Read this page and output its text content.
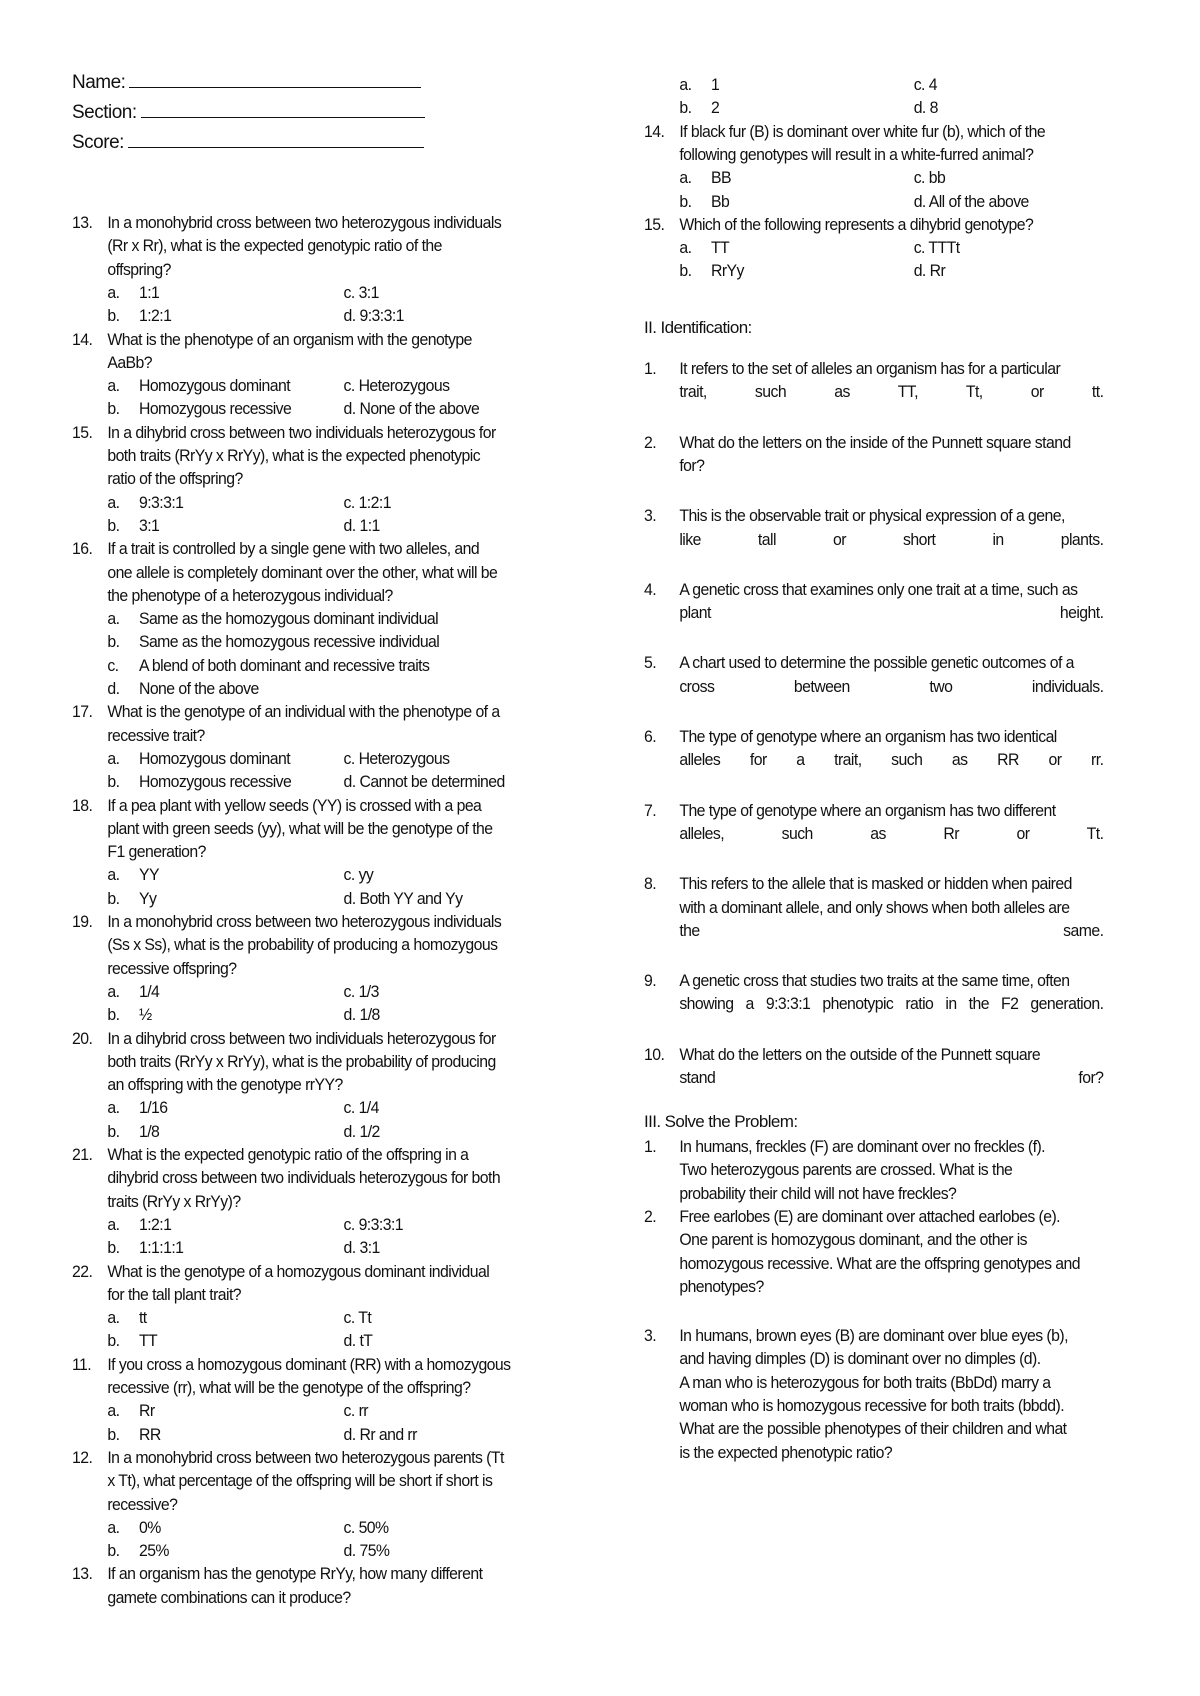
Name:
Section:
Score:
13. In a monohybrid cross between two heterozygous individuals
(Rr x Rr), what is the expected genotypic ratio of the
offspring?
a. 1:1	c. 3:1
b. 1:2:1	d. 9:3:3:1
14. What is the phenotype of an organism with the genotype
AaBb?
a. Homozygous dominant	c. Heterozygous
b. Homozygous recessive	d. None of the above
15. In a dihybrid cross between two individuals heterozygous for
both traits (RrYy x RrYy), what is the expected phenotypic
ratio of the offspring?
a. 9:3:3:1	c. 1:2:1
b. 3:1	d. 1:1
16. If a trait is controlled by a single gene with two alleles, and
one allele is completely dominant over the other, what will be
the phenotype of a heterozygous individual?
a. Same as the homozygous dominant individual
b. Same as the homozygous recessive individual
c. A blend of both dominant and recessive traits
d. None of the above
17. What is the genotype of an individual with the phenotype of a
recessive trait?
a. Homozygous dominant	c. Heterozygous
b. Homozygous recessive	d. Cannot be determined
18. If a pea plant with yellow seeds (YY) is crossed with a pea
plant with green seeds (yy), what will be the genotype of the
F1 generation?
a. YY	c. yy
b. Yy	d. Both YY and Yy
19. In a monohybrid cross between two heterozygous individuals
(Ss x Ss), what is the probability of producing a homozygous
recessive offspring?
a. 1/4	c. 1/3
b. ½	d. 1/8
20. In a dihybrid cross between two individuals heterozygous for
both traits (RrYy x RrYy), what is the probability of producing
an offspring with the genotype rrYY?
a. 1/16	c. 1/4
b. 1/8	d. 1/2
21. What is the expected genotypic ratio of the offspring in a
dihybrid cross between two individuals heterozygous for both
traits (RrYy x RrYy)?
a. 1:2:1	c. 9:3:3:1
b. 1:1:1:1	d. 3:1
22. What is the genotype of a homozygous dominant individual
for the tall plant trait?
a. tt	c. Tt
b. TT	d. tT
11. If you cross a homozygous dominant (RR) with a homozygous
recessive (rr), what will be the genotype of the offspring?
a. Rr	c. rr
b. RR	d. Rr and rr
12. In a monohybrid cross between two heterozygous parents (Tt
x Tt), what percentage of the offspring will be short if short is
recessive?
a. 0%	c. 50%
b. 25%	d. 75%
13. If an organism has the genotype RrYy, how many different
gamete combinations can it produce?
a. 1	c. 4
b. 2	d. 8
14. If black fur (B) is dominant over white fur (b), which of the
following genotypes will result in a white-furred animal?
a. BB	c. bb
b. Bb	d. All of the above
15. Which of the following represents a dihybrid genotype?
a. TT	c. TTTt
b. RrYy	d. Rr
II. Identification:
1.	It refers to the set of alleles an organism has for a particular
trait, such as TT, Tt, or tt.
2.	What do the letters on the inside of the Punnett square stand
for?
3.	This is the observable trait or physical expression of a gene,
like tall or short in plants.
4.	A genetic cross that examines only one trait at a time, such as
plant height.
5.	A chart used to determine the possible genetic outcomes of a
cross between two individuals.
6.	The type of genotype where an organism has two identical
alleles for a trait, such as RR or rr.
7.	The type of genotype where an organism has two different
alleles, such as Rr or Tt.
8.	This refers to the allele that is masked or hidden when paired
with a dominant allele, and only shows when both alleles are
the same.
9.	A genetic cross that studies two traits at the same time, often
showing a 9:3:3:1 phenotypic ratio in the F2 generation.
10. What do the letters on the outside of the Punnett square
stand for?
III. Solve the Problem:
1.	In humans, freckles (F) are dominant over no freckles (f).
Two heterozygous parents are crossed. What is the
probability their child will not have freckles?
2.	Free earlobes (E) are dominant over attached earlobes (e).
One parent is homozygous dominant, and the other is
homozygous recessive. What are the offspring genotypes and
phenotypes?
3.	In humans, brown eyes (B) are dominant over blue eyes (b),
and having dimples (D) is dominant over no dimples (d).
A man who is heterozygous for both traits (BbDd) marry a
woman who is homozygous recessive for both traits (bbdd).
What are the possible phenotypes of their children and what
is the expected phenotypic ratio?
